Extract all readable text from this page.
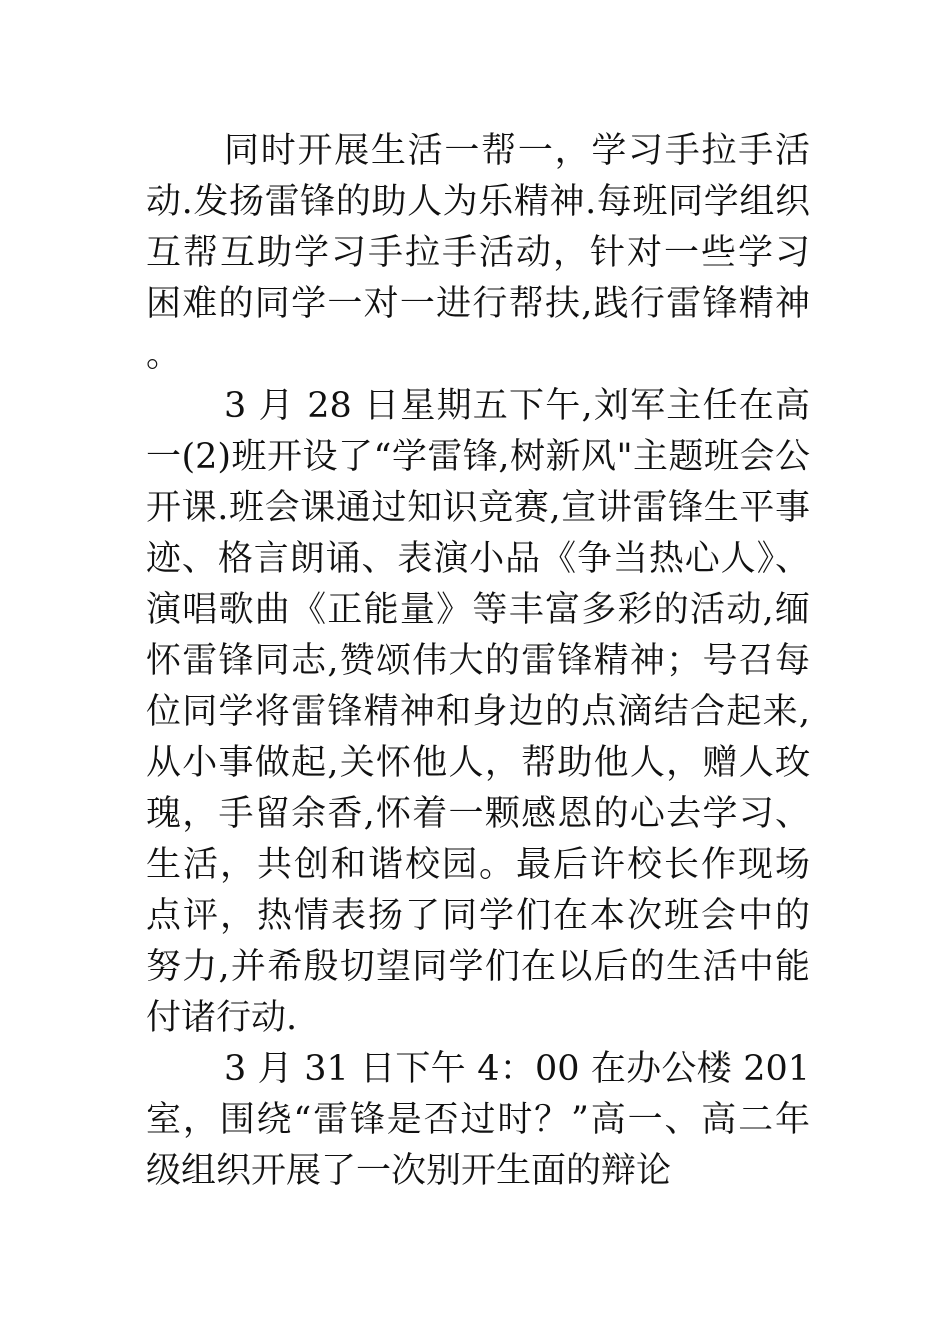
同时开展生活一帮一，学习手拉手活动.发扬雷锋的助人为乐精神.每班同学组织互帮互助学习手拉手活动，针对一些学习困难的同学一对一进行帮扶,践行雷锋精神。

3 月 28 日星期五下午,刘军主任在高一(2)班开设了“学雷锋,树新风"主题班会公开课.班会课通过知识竞赛,宣讲雷锋生平事迹、格言朗诵、表演小品《争当热心人》、演唱歌曲《正能量》等丰富多彩的活动,缅怀雷锋同志,赞颂伟大的雷锋精神；号召每位同学将雷锋精神和身边的点滴结合起来,从小事做起,关怀他人，帮助他人，赠人玫瑰，手留余香,怀着一颗感恩的心去学习、生活，共创和谐校园。最后许校长作现场点评，热情表扬了同学们在本次班会中的努力,并希殷切望同学们在以后的生活中能付诸行动.

3 月 31 日下午 4：00 在办公楼 201 室，围绕“雷锋是否过时？”高一、高二年级组织开展了一次别开生面的辩论
